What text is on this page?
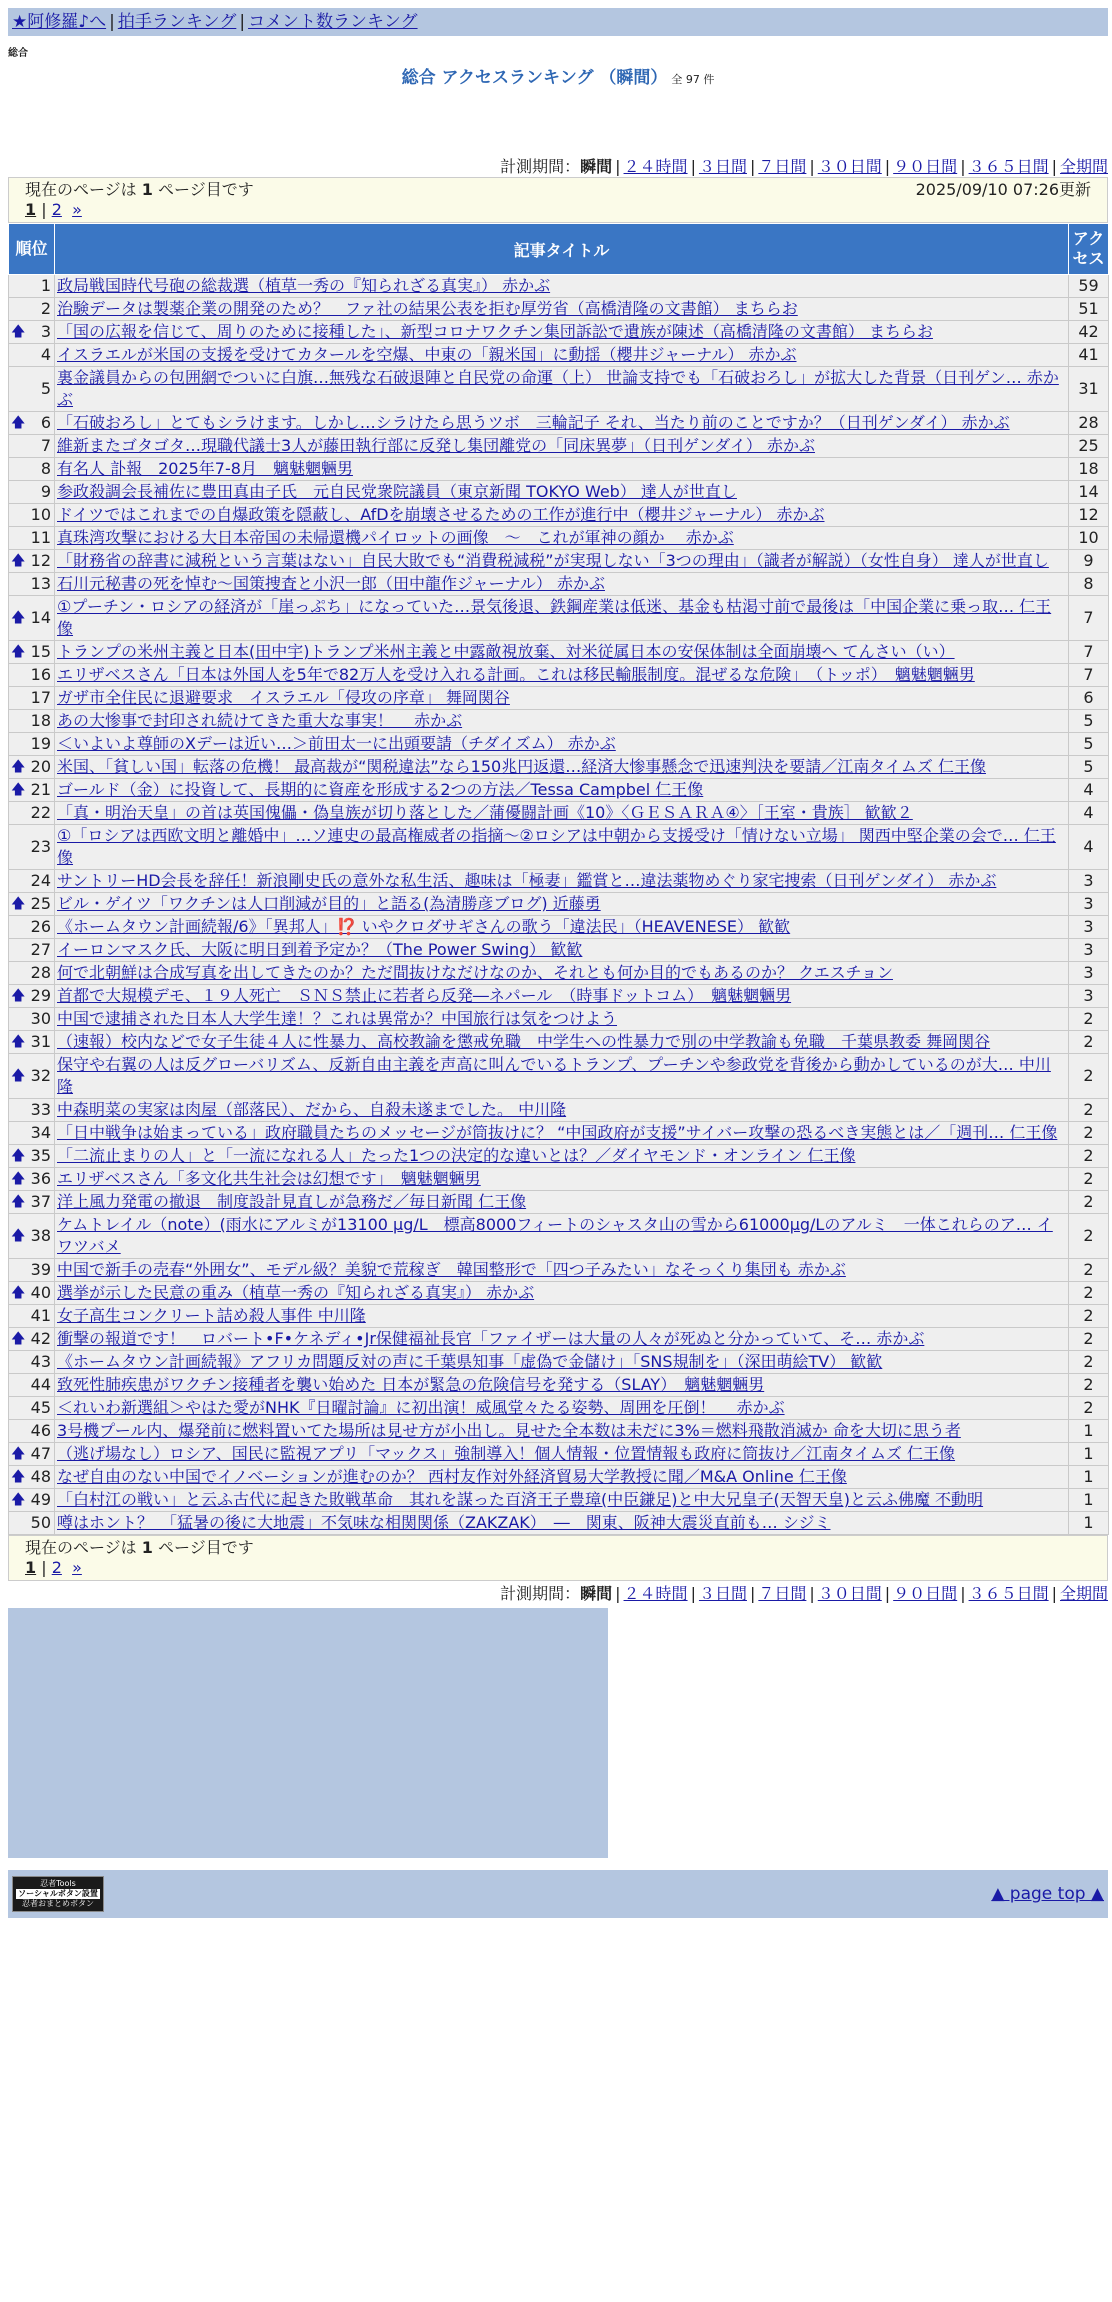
★阿修羅♪へ | 拍手ランキング | コメント数ランキング
総合
総合 アクセスランキング （瞬間） 全 97 件
計測期間：瞬間 | ２４時間 | ３日間 | ７日間 | ３０日間 | ９０日間 | ３６５日間 | 全期間
現在のページは 1 ページ目です	2025/09/10 07:26更新
1 | 2 »
順位	記事タイトル	アクセス
1	政局戦国時代号砲の総裁選（植草一秀の『知られざる真実』） 赤かぶ	59
2	治験データは製薬企業の開発のため？　ファ社の結果公表を拒む厚労省（高橋清隆の文書館） まちらお	51

🡅 3	「国の広報を信じて、周りのために接種した」、新型コロナワクチン集団訴訟で遺族が陳述（高橋清隆の文書館） まちらお	42
4	イスラエルが米国の支援を受けてカタールを空爆、中東の「親米国」に動揺（櫻井ジャーナル） 赤かぶ	41
5	裏金議員からの包囲網でついに白旗…無残な石破退陣と自民党の命運（上） 世論支持でも「石破おろし」が拡大した背景（日刊ゲン… 赤かぶ	31

🡅 6	「石破おろし」とてもシラけます。しかし…シラけたら思うツボ　三輪記子 それ、当たり前のことですか？（日刊ゲンダイ） 赤かぶ	28
7	維新またゴタゴタ…現職代議士3人が藤田執行部に反発し集団離党の「同床異夢」（日刊ゲンダイ） 赤かぶ	25
8	有名人 訃報　2025年7-8月　魑魅魍魎男	18
9	参政殺調会長補佐に豊田真由子氏　元自民党衆院議員（東京新聞 TOKYO Web） 達人が世直し	14
10	ドイツではこれまでの自爆政策を隠蔽し、AfDを崩壊させるための工作が進行中（櫻井ジャーナル） 赤かぶ	12
11	真珠湾攻撃における大日本帝国の未帰還機パイロットの画像　～　これが軍神の顔か　 赤かぶ	10

🡅 12	「財務省の辞書に減税という言葉はない」自民大敗でも“消費税減税”が実現しない「3つの理由」（識者が解説）（女性自身） 達人が世直し	9
13	石川元秘書の死を悼む〜国策捜査と小沢一郎（田中龍作ジャーナル） 赤かぶ	8

🡅 14	①プーチン・ロシアの経済が「崖っぷち」になっていた…景気後退、鉄鋼産業は低迷、基金も枯渇寸前で最後は「中国企業に乗っ取… 仁王像	7

🡅 15	トランプの米州主義と日本(田中宇)トランプ米州主義と中露敵視放棄、対米従属日本の安保体制は全面崩壊へ てんさい（い）	7
16	エリザベスさん「日本は外国人を5年で82万人を受け入れる計画。これは移民輸脹制度。混ぜるな危険」　（トッポ）　魑魅魍魎男	7
17	ガザ市全住民に退避要求　イスラエル「侵攻の序章」 舞岡関谷	6
18	あの大惨事で封印され続けてきた重大な事実！　 赤かぶ	5
19	＜いよいよ尊師のXデーは近い…＞前田太一に出頭要請（チダイズム） 赤かぶ	5

🡅 20	米国、「貧しい国」転落の危機！ 最高裁が“関税違法”なら150兆円返還…経済大惨事懸念で迅速判決を要請／江南タイムズ 仁王像	5

🡅 21	ゴールド（金）に投資して、長期的に資産を形成する2つの方法／Tessa Campbel 仁王像	4
22	「真・明治天皇」の首は英国傀儡・偽皇族が切り落とした／蒲優闘計画《10》〈ＧＥＳＡＲＡ④〉［王室・貴族］ 歓歓２	4
23	①「ロシアは西欧文明と離婚中」…ソ連史の最高権威者の指摘～②ロシアは中朝から支援受け「情けない立場」 関西中堅企業の会で… 仁王像	4
24	サントリーHD会長を辞任！新浪剛史氏の意外な私生活、趣味は「極妻」鑑賞と…違法薬物めぐり家宅捜索（日刊ゲンダイ） 赤かぶ	3

🡅 25	ビル・ゲイツ「ワクチンは人口削減が目的」と語る(為清勝彦ブログ) 近藤勇	3
26	《ホームタウン計画続報/6》「異邦人」⁉️ いやクロダサギさんの歌う「違法民」（HEAVENESE） 歓歓	3
27	イーロンマスク氏、大阪に明日到着予定か？（The Power Swing） 歓歓	3
28	何で北朝鮮は合成写真を出してきたのか？ただ間抜けなだけなのか、それとも何か目的でもあるのか？ クエスチョン	3

🡅 29	首都で大規模デモ、１９人死亡　ＳＮＳ禁止に若者ら反発―ネパール　（時事ドットコム）　魑魅魍魎男	3
30	中国で逮捕された日本人大学生達！？これは異常か？中国旅行は気をつけよう	2

🡅 31	（速報）校内などで女子生徒４人に性暴力、高校教諭を懲戒免職　中学生への性暴力で別の中学教諭も免職　千葉県教委 舞岡関谷	2

🡅 32	保守や右翼の人は反グローバリズム、反新自由主義を声高に叫んでいるトランプ、プーチンや参政党を背後から動かしているのが大… 中川隆	2
33	中森明菜の実家は肉屋（部落民）、だから、自殺未遂までした。 中川隆	2
34	「日中戦争は始まっている」政府職員たちのメッセージが筒抜けに？ “中国政府が支援”サイバー攻撃の恐るべき実態とは／「週刊… 仁王像	2

🡅 35	「二流止まりの人」と「一流になれる人」たった1つの決定的な違いとは？／ダイヤモンド・オンライン 仁王像	2

🡅 36	エリザベスさん「多文化共生社会は幻想です」　魑魅魍魎男	2

🡅 37	洋上風力発電の撤退　制度設計見直しが急務だ／毎日新聞 仁王像	2

🡅 38	ケムトレイル（note）(雨水にアルミが13100 μg/L　標高8000フィートのシャスタ山の雪から61000μg/Lのアルミ　一体これらのア… イワツバメ	2
39	中国で新手の売春“外囲女”、モデル級？美貌で荒稼ぎ　韓国整形で「四つ子みたい」なそっくり集団も 赤かぶ	2

🡅 40	選挙が示した民意の重み（植草一秀の『知られざる真実』） 赤かぶ	2
41	女子高生コンクリート詰め殺人事件 中川隆	2

🡅 42	衝撃の報道です！　ロバート•F•ケネディ•Jr保健福祉長官「ファイザーは大量の人々が死ぬと分かっていて、そ… 赤かぶ	2
43	《ホームタウン計画続報》アフリカ問題反対の声に千葉県知事「虚偽で金儲け」「SNS規制を」（深田萌絵TV） 歓歓	2
44	致死性肺疾患がワクチン接種者を襲い始めた 日本が緊急の危険信号を発する（SLAY）　魑魅魍魎男	2
45	＜れいわ新選組＞やはた愛がNHK『日曜討論』に初出演！威風堂々たる姿勢、周囲を圧倒！　 赤かぶ	2
46	3号機プール内、爆発前に燃料置いてた場所は見せ方が小出し。見せた全本数は未だに3%＝燃料飛散消滅か 命を大切に思う者	1

🡅 47	（逃げ場なし）ロシア、国民に監視アプリ「マックス」強制導入！個人情報・位置情報も政府に筒抜け／江南タイムズ 仁王像	1

🡅 48	なぜ自由のない中国でイノベーションが進むのか？ 西村友作対外経済貿易大学教授に聞／M&A Online 仁王像	1

🡅 49	「白村江の戦い」と云ふ古代に起きた敗戦革命　其れを謀った百済王子豊璋(中臣鎌足)と中大兄皇子(天智天皇)と云ふ佛魔 不動明	1
50	噂はホント？　「猛暑の後に大地震」不気味な相関関係（ZAKZAK）　―　関東、阪神大震災直前も… シジミ	1
現在のページは 1 ページ目です
1 | 2 »
計測期間：瞬間 | ２４時間 | ３日間 | ７日間 | ３０日間 | ９０日間 | ３６５日間 | 全期間
忍者Tools
ソーシャルボタン設置
忍者おまとめボタン	▲ page top ▲
